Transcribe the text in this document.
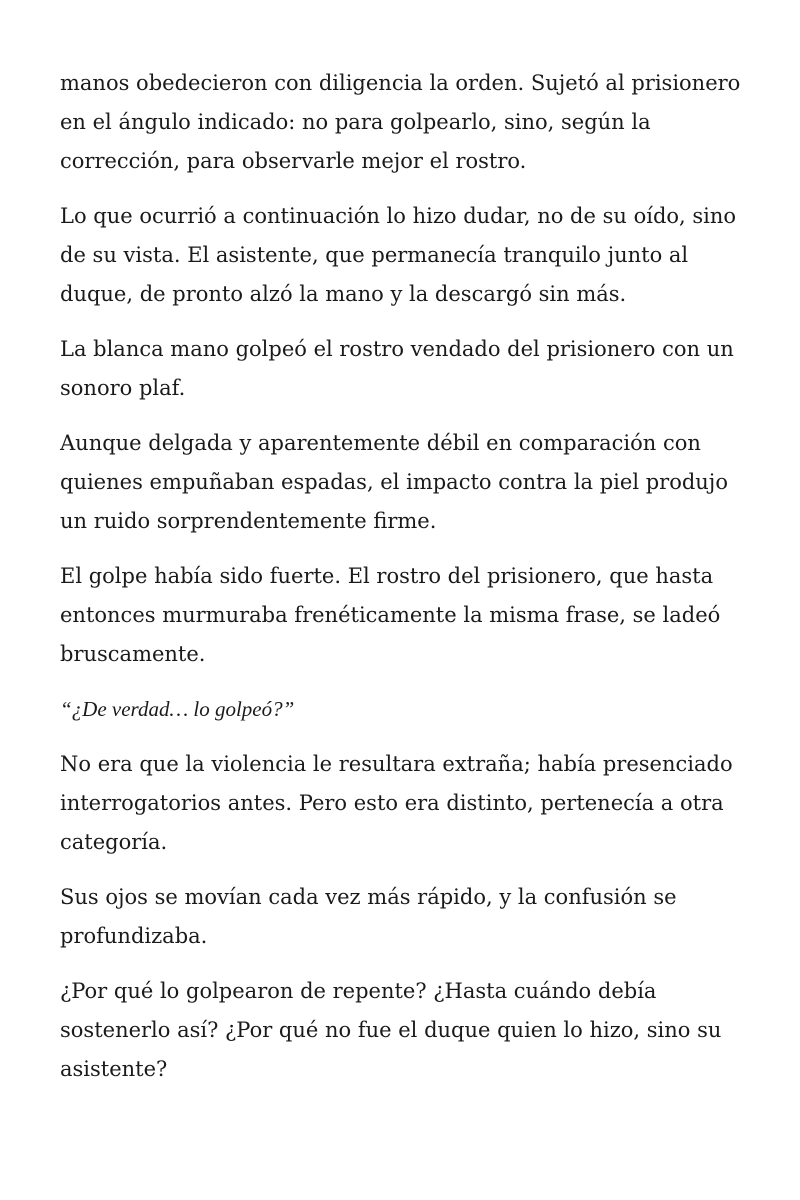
manos obedecieron con diligencia la orden. Sujetó al prisionero en el ángulo indicado: no para golpearlo, sino, según la corrección, para observarle mejor el rostro.

Lo que ocurrió a continuación lo hizo dudar, no de su oído, sino de su vista. El asistente, que permanecía tranquilo junto al duque, de pronto alzó la mano y la descargó sin más.

La blanca mano golpeó el rostro vendado del prisionero con un sonoro plaf.

Aunque delgada y aparentemente débil en comparación con quienes empuñaban espadas, el impacto contra la piel produjo un ruido sorprendentemente firme.

El golpe había sido fuerte. El rostro del prisionero, que hasta entonces murmuraba frenéticamente la misma frase, se ladeó bruscamente.

“¿De verdad… lo golpeó?”

No era que la violencia le resultara extraña; había presenciado interrogatorios antes. Pero esto era distinto, pertenecía a otra categoría.

Sus ojos se movían cada vez más rápido, y la confusión se profundizaba.

¿Por qué lo golpearon de repente? ¿Hasta cuándo debía sostenerlo así? ¿Por qué no fue el duque quien lo hizo, sino su asistente?
